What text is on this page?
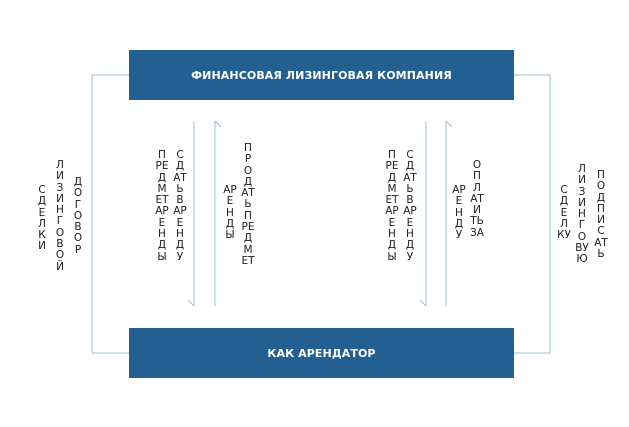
ФИНАНСОВАЯ ЛИЗИНГОВАЯ КОМПАНИЯ
КАК АРЕНДАТОР
СДЕЛКИ
ЛИЗИНГОВОЙ
ДОГОВОР
ПРЕДМЕТ АРЕНДЫ
СДАТЬ В АРЕНДУ
АРЕНДЫ
ПРОДАТЬ ПРЕДМЕТ
ПРЕДМЕТ АРЕНДЫ
СДАТЬ В АРЕНДУ
АРЕНДУ
ОПЛАТИТЬ ЗА
СДЕЛКУ
ЛИЗИНГОВУЮ
ПОДПИСАТЬ
